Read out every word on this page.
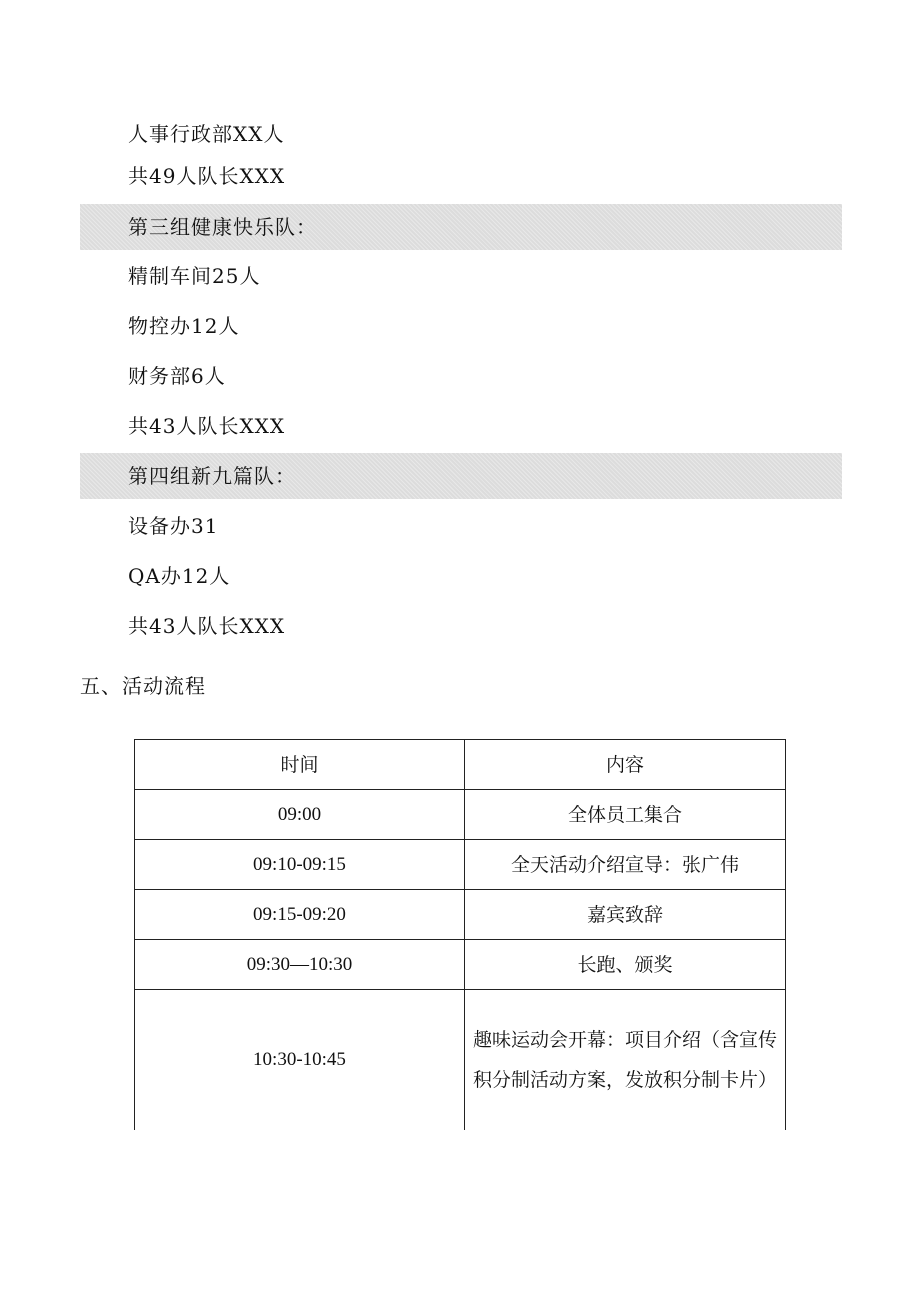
人事行政部XX人
共49人队长XXX
第三组健康快乐队：
精制车间25人
物控办12人
财务部6人
共43人队长XXX
第四组新九篇队：
设备办31
QA办12人
共43人队长XXX
五、活动流程
时间	内容
09:00	全体员工集合
09:10-09:15	全天活动介绍宣导：张广伟
09:15-09:20	嘉宾致辞
09:30—10:30	长跑、颁奖
10:30-10:45	趣味运动会开幕：项目介绍（含宣传积分制活动方案，发放积分制卡片）
